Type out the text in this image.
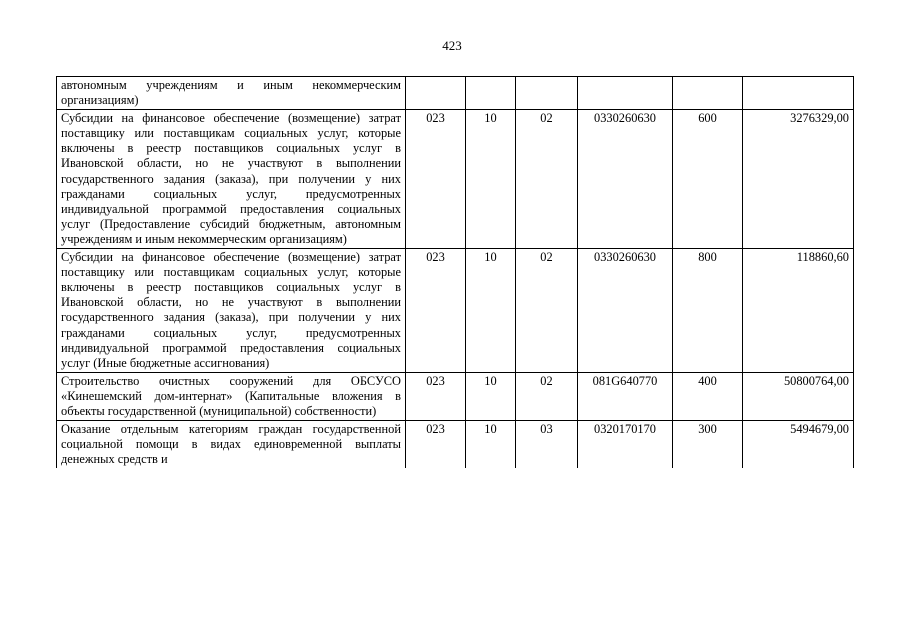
423
автономным учреждениям и иным некоммерческим организациям)						
Субсидии на финансовое обеспечение (возмещение) затрат поставщику или поставщикам социальных услуг, которые включены в реестр поставщиков социальных услуг в Ивановской области, но не участвуют в выполнении государственного задания (заказа), при получении у них гражданами социальных услуг, предусмотренных индивидуальной программой предоставления социальных услуг (Предоставление субсидий бюджетным, автономным учреждениям и иным некоммерческим организациям)	023	10	02	0330260630	600	3276329,00
Субсидии на финансовое обеспечение (возмещение) затрат поставщику или поставщикам социальных услуг, которые включены в реестр поставщиков социальных услуг в Ивановской области, но не участвуют в выполнении государственного задания (заказа), при получении у них гражданами социальных услуг, предусмотренных индивидуальной программой предоставления социальных услуг (Иные бюджетные ассигнования)	023	10	02	0330260630	800	118860,60
Строительство очистных сооружений для ОБСУСО «Кинешемский дом-интернат» (Капитальные вложения в объекты государственной (муниципальной) собственности)	023	10	02	081G640770	400	50800764,00
Оказание отдельным категориям граждан государственной социальной помощи в видах единовременной выплаты денежных средств и	023	10	03	0320170170	300	5494679,00
